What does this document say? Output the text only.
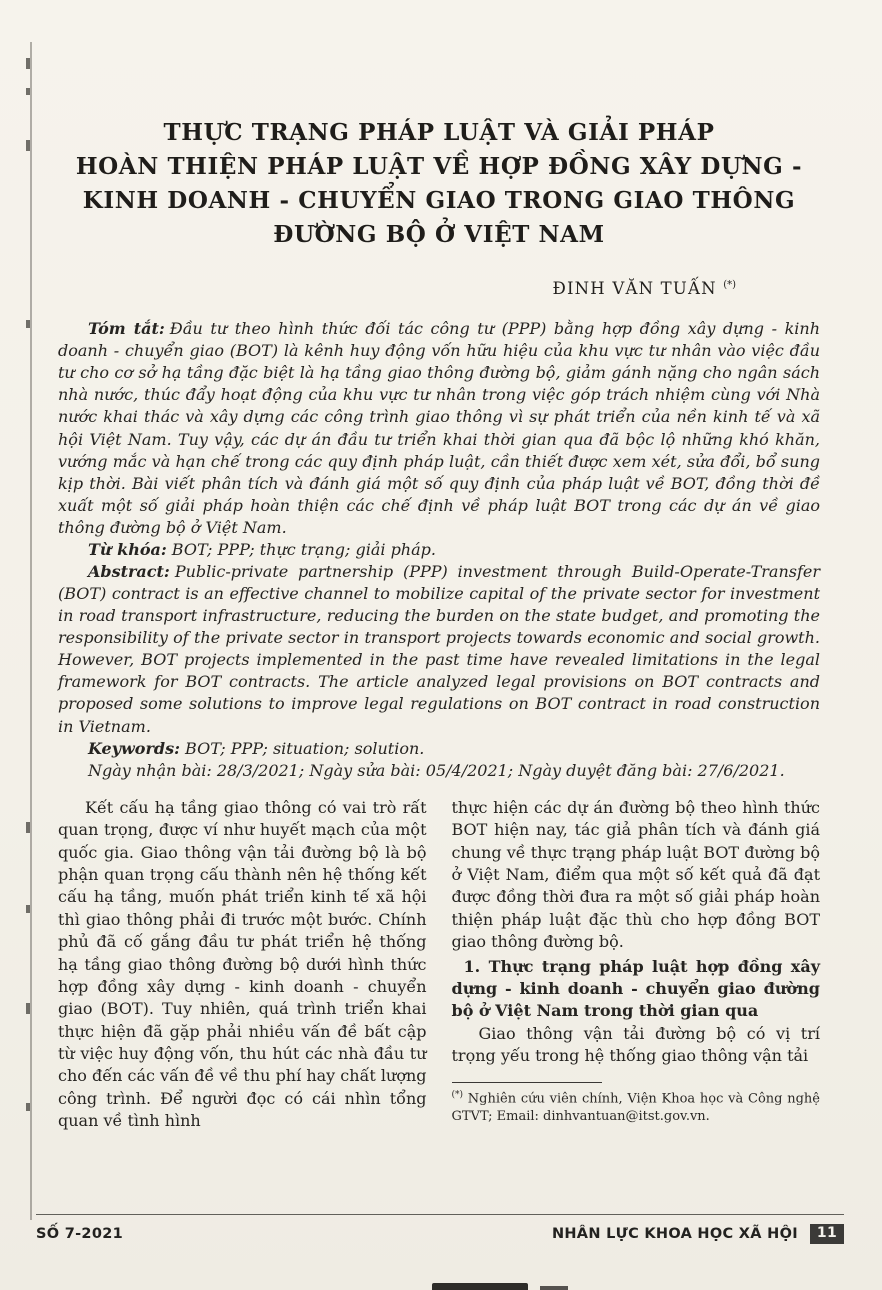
THỰC TRẠNG PHÁP LUẬT VÀ GIẢI PHÁP
HOÀN THIỆN PHÁP LUẬT VỀ HỢP ĐỒNG XÂY DỰNG -
KINH DOANH - CHUYỂN GIAO TRONG GIAO THÔNG
ĐƯỜNG BỘ Ở VIỆT NAM
ĐINH VĂN TUẤN (*)

Tóm tắt: Đầu tư theo hình thức đối tác công tư (PPP) bằng hợp đồng xây dựng - kinh doanh - chuyển giao (BOT) là kênh huy động vốn hữu hiệu của khu vực tư nhân vào việc đầu tư cho cơ sở hạ tầng đặc biệt là hạ tầng giao thông đường bộ, giảm gánh nặng cho ngân sách nhà nước, thúc đẩy hoạt động của khu vực tư nhân trong việc góp trách nhiệm cùng với Nhà nước khai thác và xây dựng các công trình giao thông vì sự phát triển của nền kinh tế và xã hội Việt Nam. Tuy vậy, các dự án đầu tư triển khai thời gian qua đã bộc lộ những khó khăn, vướng mắc và hạn chế trong các quy định pháp luật, cần thiết được xem xét, sửa đổi, bổ sung kịp thời. Bài viết phân tích và đánh giá một số quy định của pháp luật về BOT, đồng thời đề xuất một số giải pháp hoàn thiện các chế định về pháp luật BOT trong các dự án về giao thông đường bộ ở Việt Nam.

Từ khóa: BOT; PPP; thực trạng; giải pháp.

Abstract: Public-private partnership (PPP) investment through Build-Operate-Transfer (BOT) contract is an effective channel to mobilize capital of the private sector for investment in road transport infrastructure, reducing the burden on the state budget, and promoting the responsibility of the private sector in transport projects towards economic and social growth. However, BOT projects implemented in the past time have revealed limitations in the legal framework for BOT contracts. The article analyzed legal provisions on BOT contracts and proposed some solutions to improve legal regulations on BOT contract in road construction in Vietnam.

Keywords: BOT; PPP; situation; solution.

Ngày nhận bài: 28/3/2021; Ngày sửa bài: 05/4/2021; Ngày duyệt đăng bài: 27/6/2021.

Kết cấu hạ tầng giao thông có vai trò rất quan trọng, được ví như huyết mạch của một quốc gia. Giao thông vận tải đường bộ là bộ phận quan trọng cấu thành nên hệ thống kết cấu hạ tầng, muốn phát triển kinh tế xã hội thì giao thông phải đi trước một bước. Chính phủ đã cố gắng đầu tư phát triển hệ thống hạ tầng giao thông đường bộ dưới hình thức hợp đồng xây dựng - kinh doanh - chuyển giao (BOT). Tuy nhiên, quá trình triển khai thực hiện đã gặp phải nhiều vấn đề bất cập từ việc huy động vốn, thu hút các nhà đầu tư cho đến các vấn đề về thu phí hay chất lượng công trình. Để người đọc có cái nhìn tổng quan về tình hình

thực hiện các dự án đường bộ theo hình thức BOT hiện nay, tác giả phân tích và đánh giá chung về thực trạng pháp luật BOT đường bộ ở Việt Nam, điểm qua một số kết quả đã đạt được đồng thời đưa ra một số giải pháp hoàn thiện pháp luật đặc thù cho hợp đồng BOT giao thông đường bộ.

1. Thực trạng pháp luật hợp đồng xây dựng - kinh doanh - chuyển giao đường bộ ở Việt Nam trong thời gian qua

Giao thông vận tải đường bộ có vị trí trọng yếu trong hệ thống giao thông vận tải

(*) Nghiên cứu viên chính, Viện Khoa học và Công nghệ GTVT; Email: dinhvantuan@itst.gov.vn.

SỐ 7-2021	NHÂN LỰC KHOA HỌC XÃ HỘI	11
